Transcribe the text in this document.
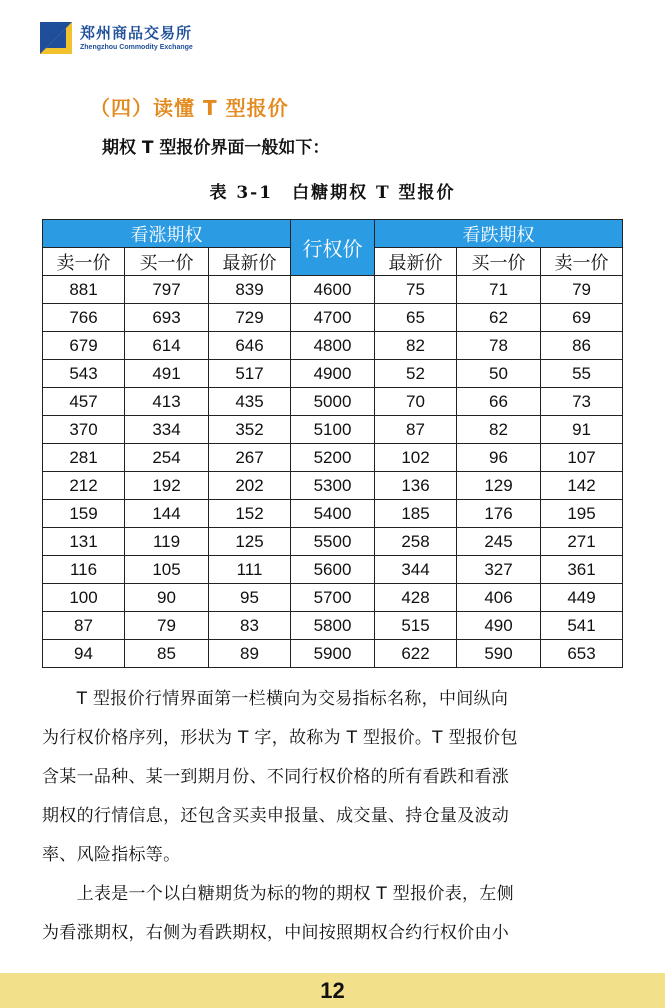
郑州商品交易所
Zhengzhou Commodity Exchange
（四）读懂 T 型报价
期权 T 型报价界面一般如下：
表 3-1　白糖期权 T 型报价
看涨期权			行权价	看跌期权		
卖一价	买一价	最新价		最新价	买一价	卖一价
881	797	839	4600	75	71	79
766	693	729	4700	65	62	69
679	614	646	4800	82	78	86
543	491	517	4900	52	50	55
457	413	435	5000	70	66	73
370	334	352	5100	87	82	91
281	254	267	5200	102	96	107
212	192	202	5300	136	129	142
159	144	152	5400	185	176	195
131	119	125	5500	258	245	271
116	105	111	5600	344	327	361
100	90	95	5700	428	406	449
87	79	83	5800	515	490	541
94	85	89	5900	622	590	653
　　T 型报价行情界面第一栏横向为交易指标名称，中间纵向
为行权价格序列，形状为 T 字，故称为 T 型报价。T 型报价包
含某一品种、某一到期月份、不同行权价格的所有看跌和看涨
期权的行情信息，还包含买卖申报量、成交量、持仓量及波动
率、风险指标等。
　　上表是一个以白糖期货为标的物的期权 T 型报价表，左侧
为看涨期权，右侧为看跌期权，中间按照期权合约行权价由小
12
